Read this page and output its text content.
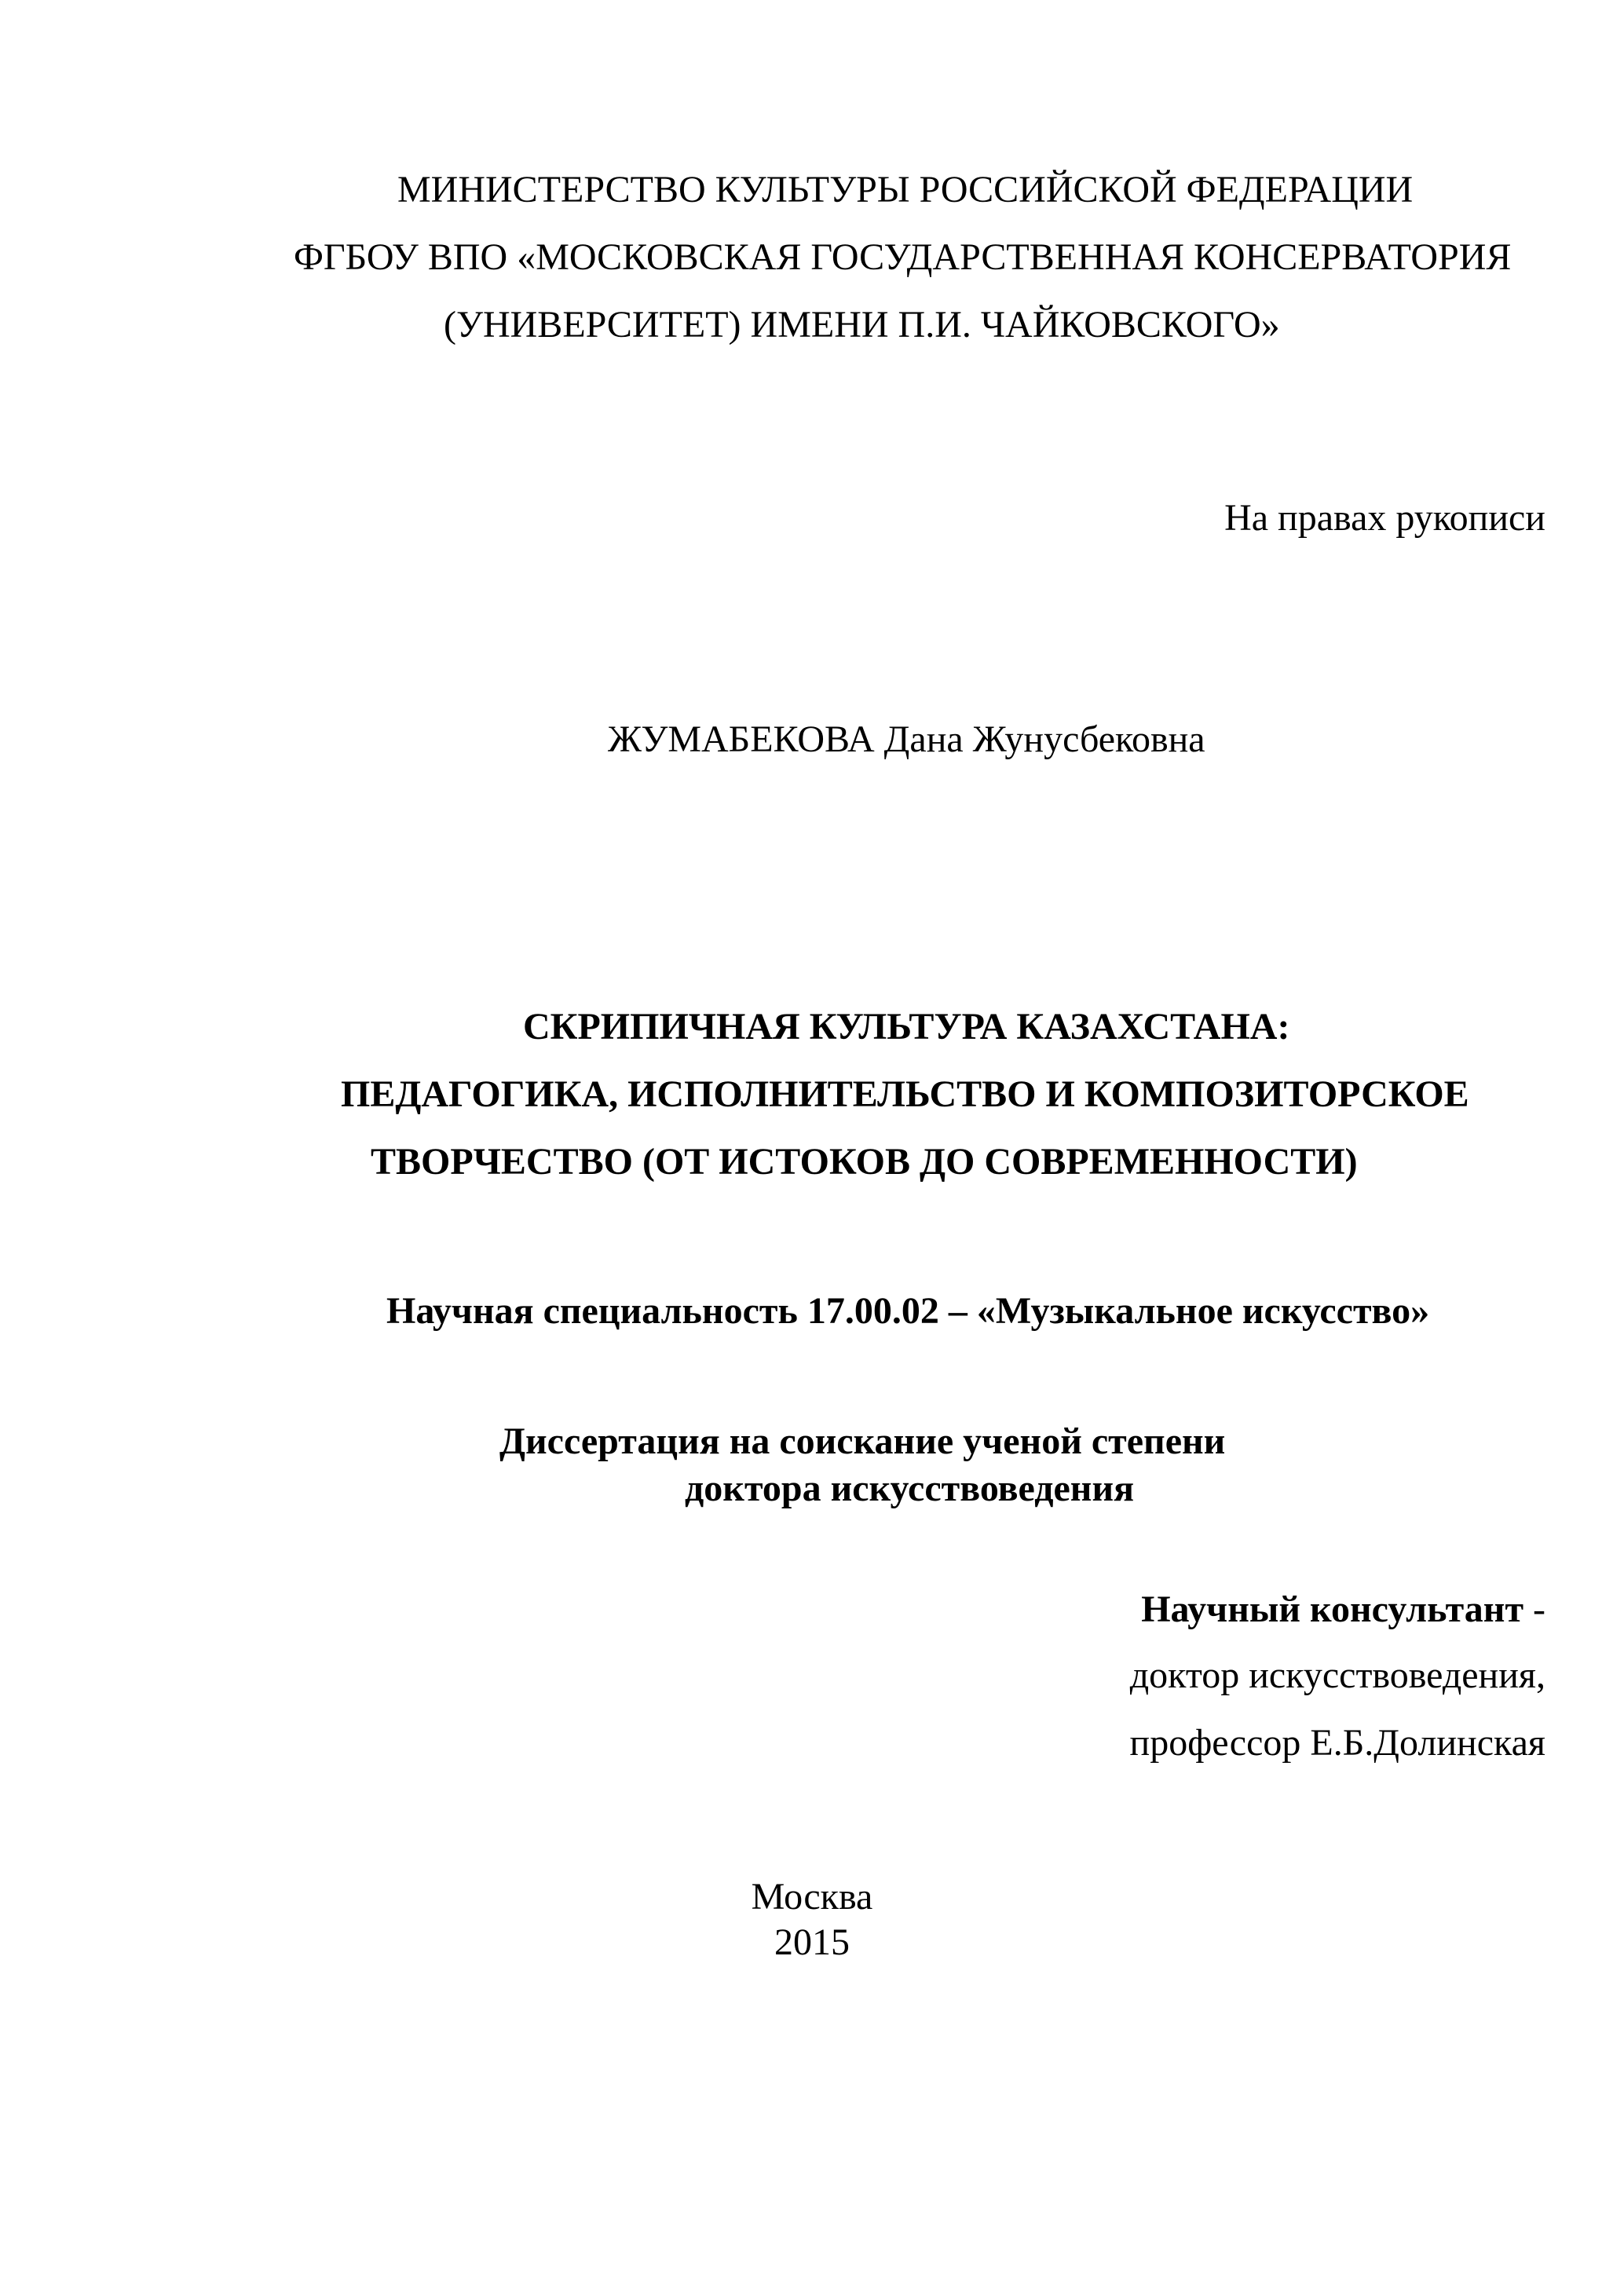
МИНИСТЕРСТВО КУЛЬТУРЫ РОССИЙСКОЙ ФЕДЕРАЦИИ
ФГБОУ ВПО «МОСКОВСКАЯ ГОСУДАРСТВЕННАЯ КОНСЕРВАТОРИЯ
(УНИВЕРСИТЕТ) ИМЕНИ П.И. ЧАЙКОВСКОГО»
На правах рукописи
ЖУМАБЕКОВА Дана Жунусбековна
СКРИПИЧНАЯ КУЛЬТУРА КАЗАХСТАНА:
ПЕДАГОГИКА, ИСПОЛНИТЕЛЬСТВО И КОМПОЗИТОРСКОЕ
ТВОРЧЕСТВО (ОТ ИСТОКОВ ДО СОВРЕМЕННОСТИ)
Научная специальность 17.00.02 – «Музыкальное искусство»
Диссертация на соискание ученой степени
доктора искусствоведения
Научный консультант -
доктор искусствоведения,
профессор Е.Б.Долинская
Москва
2015
